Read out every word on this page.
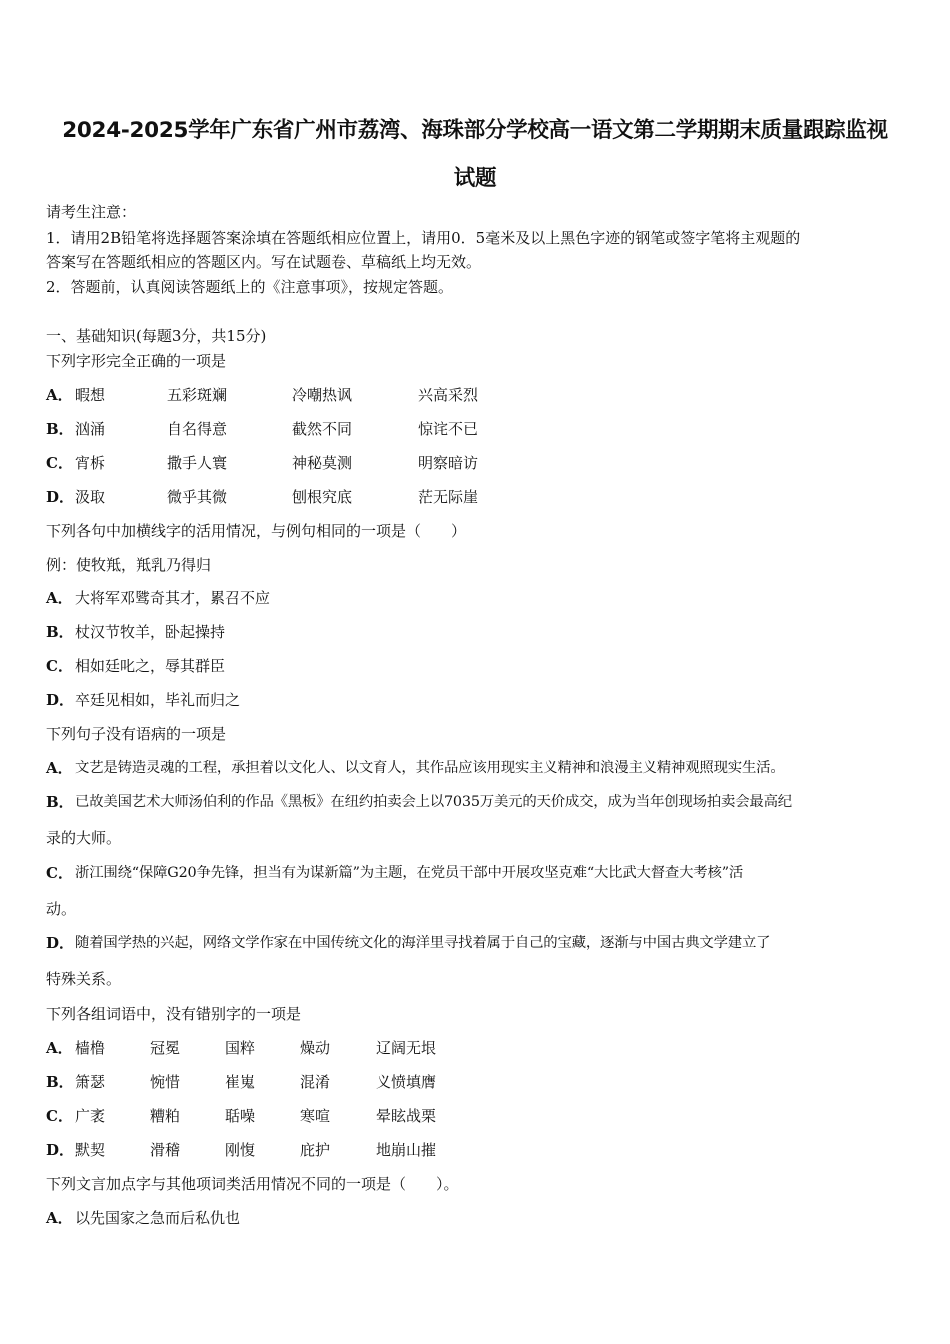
2024-2025学年广东省广州市荔湾、海珠部分学校高一语文第二学期期末质量跟踪监视
试题
请考生注意：
1．请用2B铅笔将选择题答案涂填在答题纸相应位置上，请用0．5毫米及以上黑色字迹的钢笔或签字笔将主观题的
答案写在答题纸相应的答题区内。写在试题卷、草稿纸上均无效。
2．答题前，认真阅读答题纸上的《注意事项》，按规定答题。
一、基础知识(每题3分，共15分)
下列字形完全正确的一项是
A． 暇想	五彩斑斓	冷嘲热讽	兴高采烈
B． 汹涌	自名得意	截然不同	惊诧不已
C． 宵柝	撒手人寰	神秘莫测	明察暗访
D． 汲取	微乎其微	刨根究底	茫无际崖
下列各句中加横线字的活用情况，与例句相同的一项是（　　）
例：使牧羝，羝乳乃得归
A． 大将军邓骘奇其才，累召不应
B． 杖汉节牧羊，卧起操持
C． 相如廷叱之，辱其群臣
D． 卒廷见相如，毕礼而归之
下列句子没有语病的一项是
A． 文艺是铸造灵魂的工程，承担着以文化人、以文育人，其作品应该用现实主义精神和浪漫主义精神观照现实生活。
B． 已故美国艺术大师汤伯利的作品《黑板》在纽约拍卖会上以7035万美元的天价成交，成为当年创现场拍卖会最高纪
录的大师。
C． 浙江围绕“保障G20争先锋，担当有为谋新篇”为主题，在党员干部中开展攻坚克难“大比武大督查大考核”活
动。
D． 随着国学热的兴起，网络文学作家在中国传统文化的海洋里寻找着属于自己的宝藏，逐渐与中国古典文学建立了
特殊关系。
下列各组词语中，没有错别字的一项是
A． 樯橹	冠冕	国粹	燥动	辽阔无垠
B． 箫瑟	惋惜	崔嵬	混淆	义愤填膺
C． 广袤	糟粕	聒噪	寒喧	晕眩战栗
D． 默契	滑稽	刚愎	庇护	地崩山摧
下列文言加点字与其他项词类活用情况不同的一项是（　　）。
A． 以先国家之急而后私仇也
